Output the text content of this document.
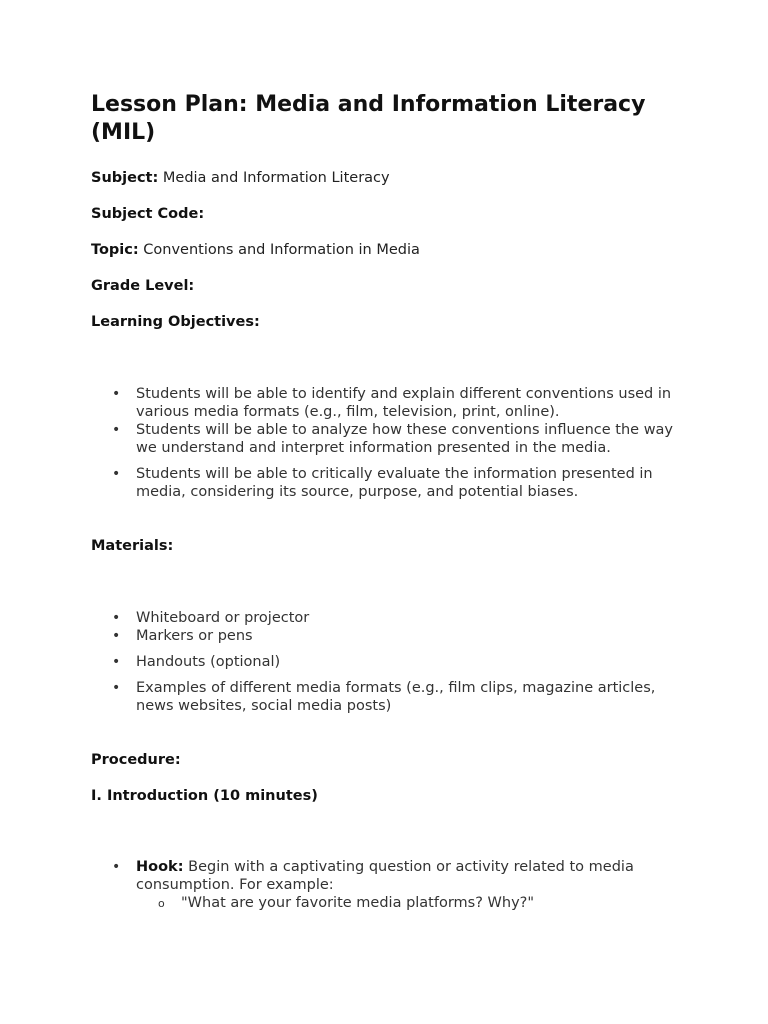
Lesson Plan: Media and Information Literacy (MIL)

Subject: Media and Information Literacy

Subject Code:

Topic: Conventions and Information in Media

Grade Level:

Learning Objectives:

• Students will be able to identify and explain different conventions used in various media formats (e.g., film, television, print, online).
• Students will be able to analyze how these conventions influence the way we understand and interpret information presented in the media.
• Students will be able to critically evaluate the information presented in media, considering its source, purpose, and potential biases.

Materials:

• Whiteboard or projector
• Markers or pens
• Handouts (optional)
• Examples of different media formats (e.g., film clips, magazine articles, news websites, social media posts)

Procedure:

I. Introduction (10 minutes)

• Hook: Begin with a captivating question or activity related to media consumption. For example:
o "What are your favorite media platforms? Why?"
